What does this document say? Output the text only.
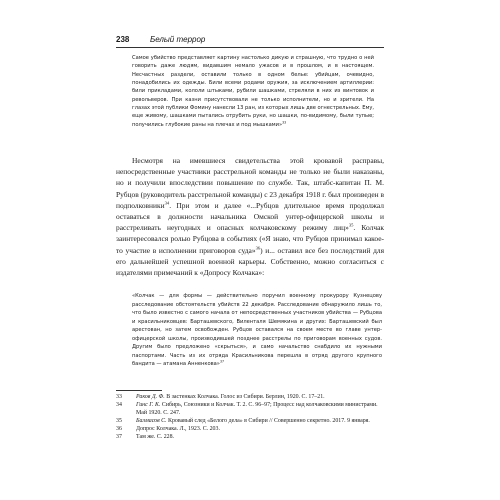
238	Белый террор

Самое убийство представляет картину настолько дикую и страшную, что трудно о ней говорить даже людям, видавшим немало ужасов и в прошлом, и в настоящем. Несчастных раздели, оставили только в одном белье: убийцам, очевидно, понадобились их одежды. Били всеми родами оружия, за исключением артиллерии: били прикладами, кололи штыками, рубили шашками, стреляли в них из винтовок и револьверов. При казни присутствовали не только исполнители, но и зрители. На глазах этой публики Фомину нанесли 13 ран, из которых лишь две огнестрельных. Ему, еще живому, шашками пытались отрубить руки, но шашки, по-видимому, были тупые; получились глубокие раны на плечах и под мышками»$^{33}$

Несмотря на имевшиеся свидетельства этой кровавой расправы, непосредственные участники расстрельной команды не только не были наказаны, но и получили впоследствии повышение по службе. Так, штабс-капитан П. М. Рубцов (руководитель расстрельной команды) с 23 декабря 1918 г. был произведен в подполковники$^{34}$. При этом и далее «...Рубцов длительное время продолжал оставаться в должности начальника Омской унтер-офицерской школы и расстреливать неугодных и опасных колчаковскому режиму лиц»$^{35}$. Колчак заинтересовался ролью Рубцова в событиях («Я знаю, что Рубцов принимал какое-то участие в исполнении приговоров суда»$^{36}$) и... оставил все без последствий для его дальнейшей успешной военной карьеры. Собственно, можно согласиться с издателями примечаний к «Допросу Колчака»:

«Колчак — для формы — действительно поручил военному прокурору Кузнецову расследование обстоятельств убийств 22 декабря. Расследование обнаружило лишь то, что было известно с самого начала от непосредственных участников убийства — Рубцова и красильниковцев: Барташевского, Виленталя Шемякина и других: Барташевский был арестован, но затем освобожден. Рубцов оставался на своем месте во главе унтер-офицерской школы, производившей позднее расстрелы по приговорам военных судов. Другим было предложено «скрыться», и само начальство снабдило их нужными паспортами. Часть из их отряда Красильникова перешла в отряд другого крупного бандита — атамана Анненкова»$^{37}$

33	Раков Д. Ф. В застенках Колчака. Голос из Сибири. Берлин, 1920. С. 17–21.
34	Гинс Г. К. Сибирь, Союзники и Колчак. Т. 2. С. 96–97; Процесс над колчаковскими министрами. Май 1920. С. 247.
35	Балмасов С. Кровавый след «Белого дела» в Сибири // Совершенно секретно. 2017. 9 января.
36	Допрос Колчака. Л., 1923. С. 203.
37	Там же. С. 228.
